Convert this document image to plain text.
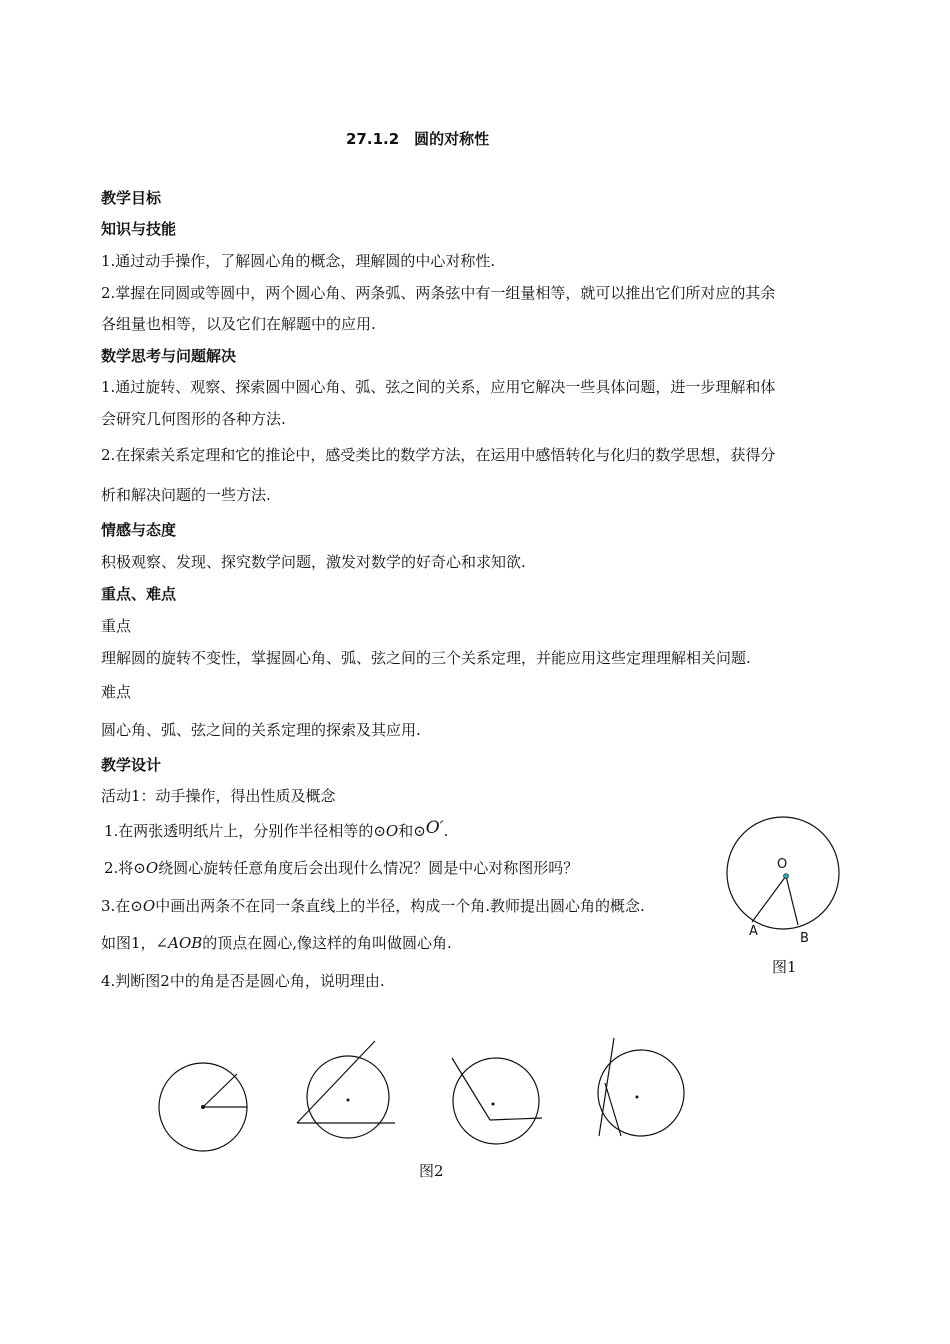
27.1.2　圆的对称性
教学目标
知识与技能
1.通过动手操作，了解圆心角的概念，理解圆的中心对称性.
2.掌握在同圆或等圆中，两个圆心角、两条弧、两条弦中有一组量相等，就可以推出它们所对应的其余
各组量也相等，以及它们在解题中的应用.
数学思考与问题解决
1.通过旋转、观察、探索圆中圆心角、弧、弦之间的关系，应用它解决一些具体问题，进一步理解和体
会研究几何图形的各种方法.
2.在探索关系定理和它的推论中，感受类比的数学方法，在运用中感悟转化与化归的数学思想，获得分
析和解决问题的一些方法.
情感与态度
积极观察、发现、探究数学问题，激发对数学的好奇心和求知欲.
重点、难点
重点
理解圆的旋转不变性，掌握圆心角、弧、弦之间的三个关系定理，并能应用这些定理理解相关问题.
难点
圆心角、弧、弦之间的关系定理的探索及其应用.
教学设计
活动1：动手操作，得出性质及概念
1.在两张透明纸片上，分别作半径相等的⊙O和⊙O′.
2.将⊙O绕圆心旋转任意角度后会出现什么情况？圆是中心对称图形吗？
3.在⊙O中画出两条不在同一条直线上的半径，构成一个角.教师提出圆心角的概念.
如图1，∠AOB的顶点在圆心,像这样的角叫做圆心角.
4.判断图2中的角是否是圆心角，说明理由.
O
A	B
图1
图2
